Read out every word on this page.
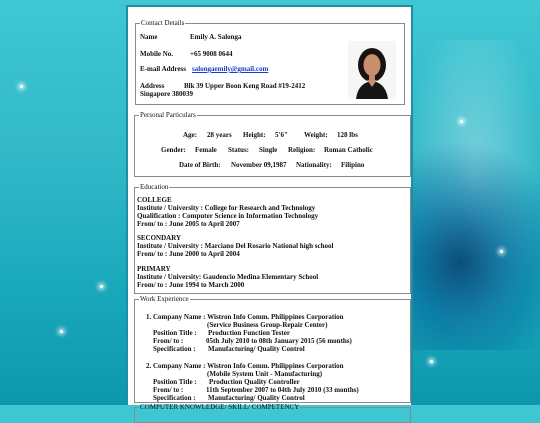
Contact Details
Name	Emily A. Salonga
Mobile No. +65 9008 0644
E-mail Address salongaemily@gmail.com
Address	Blk 39 Upper Boon Keng Road #19-2412
Singapore 380039
Personal Particulars
Age: 28 years Height: 5'6" Weight: 128 lbs
Gender: Female Status: Single Religion: Roman Catholic
Date of Birth: November 09,1987 Nationality: Filipino
Education
COLLEGE
Institute / University : College for Research and Technology
Qualification : Computer Science in Information Technology
From/ to : June 2005 to April 2007
SECONDARY
Institute / University : Marciano Del Rosario National high school
From/ to : June 2000 to April 2004
PRIMARY
Institute / University: Gaudencio Medina Elementary School
From/ to : June 1994 to March 2000
Work Experience
1. Company Name : Wistron Info Comm. Philippines Corporation
(Service Business Group-Repair Center)
Position Title : Production Function Tester
From/ to :	05th July 2010 to 08th January 2015 (56 months)
Specification : Manufacturing/ Quality Control
2. Company Name : Wistron Info Comm. Philippines Corporation
(Mobile System Unit - Manufacturing)
Position Title : Production Quality Controller
From/ to :	11th September 2007 to 04th July 2010 (33 months)
Specification : Manufacturing/ Quality Control
COMPUTER KNOWLEDGE/ SKILL/ COMPETENCY
